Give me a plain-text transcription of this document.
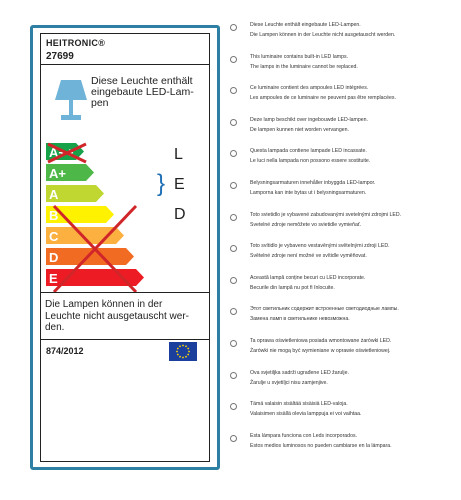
HEITRONIC®
27699
Diese Leuchte enthält
eingebaute LED-Lam-
pen
A++
A+
A
B
C
D
E
}
L
E
D
Die Lampen können in der
Leuchte nicht ausgetauscht wer-
den.
874/2012
Diese Leuchte enthält eingebaute LED-Lampen.
Die Lampen können in der Leuchte nicht ausgetauscht werden.
This luminaire contains built-in LED lamps.
The lamps in the luminaire cannot be replaced.
Ce luminaire contient des ampoules LED intégrées.
Les ampoules de ce luminaire ne peuvent pas être remplacées.
Deze lamp beschikt over ingebouwde LED-lampen.
De lampen kunnen niet worden vervangen.
Questa lampada contiene lampade LED incassate.
Le luci nella lampada non possono essere sostituite.
Belysningsarmaturen innehåller inbyggda LED-lampor.
Lamporna kan inte bytas ut i belysningsarmaturen.
Toto svietidlo je vybavené zabudovanými svetelnými zdrojmi LED.
Svetelné zdroje nemôžete vo svietidle vymieňať.
Toto svítidlo je vybaveno vestavěnými světelnými zdroji LED.
Světelné zdroje není možné ve svítidle vyměňovat.
Această lampă conține becuri cu LED incorporate.
Becurile din lampă nu pot fi înlocuite.
Этот светильник содержит встроенные светодиодные лампы.
Замена ламп в светильнике невозможна.
Ta oprawa oświetleniowa posiada wmontowane żarówki LED.
Żarówki nie mogą być wymieniane w oprawie oświetleniowej.
Ova svjetiljka sadrži ugrađene LED žarulje.
Žarulje u svjetiljci nisu zamjenjive.
Tämä valaisin sisältää sisäisiä LED-valoja.
Valaisimen sisällä olevia lamppuja ei voi vaihtaa.
Esta lámpara funciona con Leds incorporados.
Estos medios luminosos no pueden cambiarse en la lámpara.
